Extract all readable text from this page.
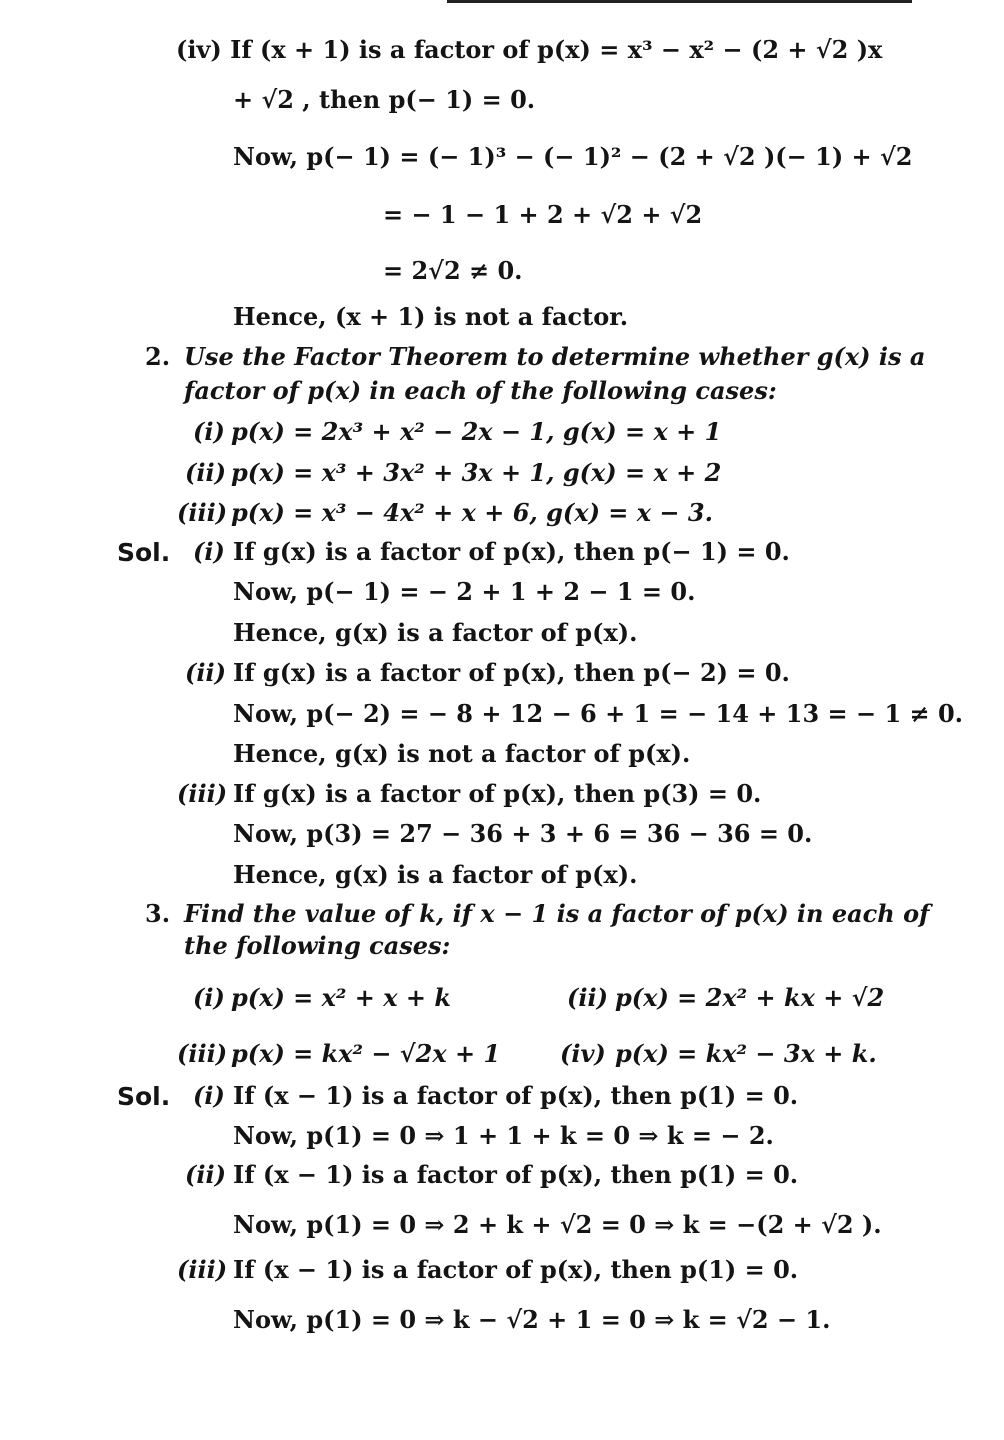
(iv) If (x + 1) is a factor of p(x) = x³ − x² − (2 + √2 )x
+ √2 , then p(− 1) = 0.
Now, p(− 1) = (− 1)³ − (− 1)² − (2 + √2 )(− 1) + √2
= − 1 − 1 + 2 + √2 + √2
= 2√2 ≠ 0.
Hence, (x + 1) is not a factor.
2. Use the Factor Theorem to determine whether g(x) is a
factor of p(x) in each of the following cases:
(i) p(x) = 2x³ + x² − 2x − 1, g(x) = x + 1
(ii) p(x) = x³ + 3x² + 3x + 1, g(x) = x + 2
(iii) p(x) = x³ − 4x² + x + 6, g(x) = x − 3.
Sol. (i) If g(x) is a factor of p(x), then p(− 1) = 0.
Now, p(− 1) = − 2 + 1 + 2 − 1 = 0.
Hence, g(x) is a factor of p(x).
(ii) If g(x) is a factor of p(x), then p(− 2) = 0.
Now, p(− 2) = − 8 + 12 − 6 + 1 = − 14 + 13 = − 1 ≠ 0.
Hence, g(x) is not a factor of p(x).
(iii) If g(x) is a factor of p(x), then p(3) = 0.
Now, p(3) = 27 − 36 + 3 + 6 = 36 − 36 = 0.
Hence, g(x) is a factor of p(x).
3. Find the value of k, if x − 1 is a factor of p(x) in each of
the following cases:
(i) p(x) = x² + x + k	(ii) p(x) = 2x² + kx + √2
(iii) p(x) = kx² − √2x + 1 (iv) p(x) = kx² − 3x + k.
Sol. (i) If (x − 1) is a factor of p(x), then p(1) = 0.
Now, p(1) = 0 ⇒ 1 + 1 + k = 0 ⇒ k = − 2.
(ii) If (x − 1) is a factor of p(x), then p(1) = 0.
Now, p(1) = 0 ⇒ 2 + k + √2 = 0 ⇒ k = −(2 + √2 ).
(iii) If (x − 1) is a factor of p(x), then p(1) = 0.
Now, p(1) = 0 ⇒ k − √2 + 1 = 0 ⇒ k = √2 − 1.
